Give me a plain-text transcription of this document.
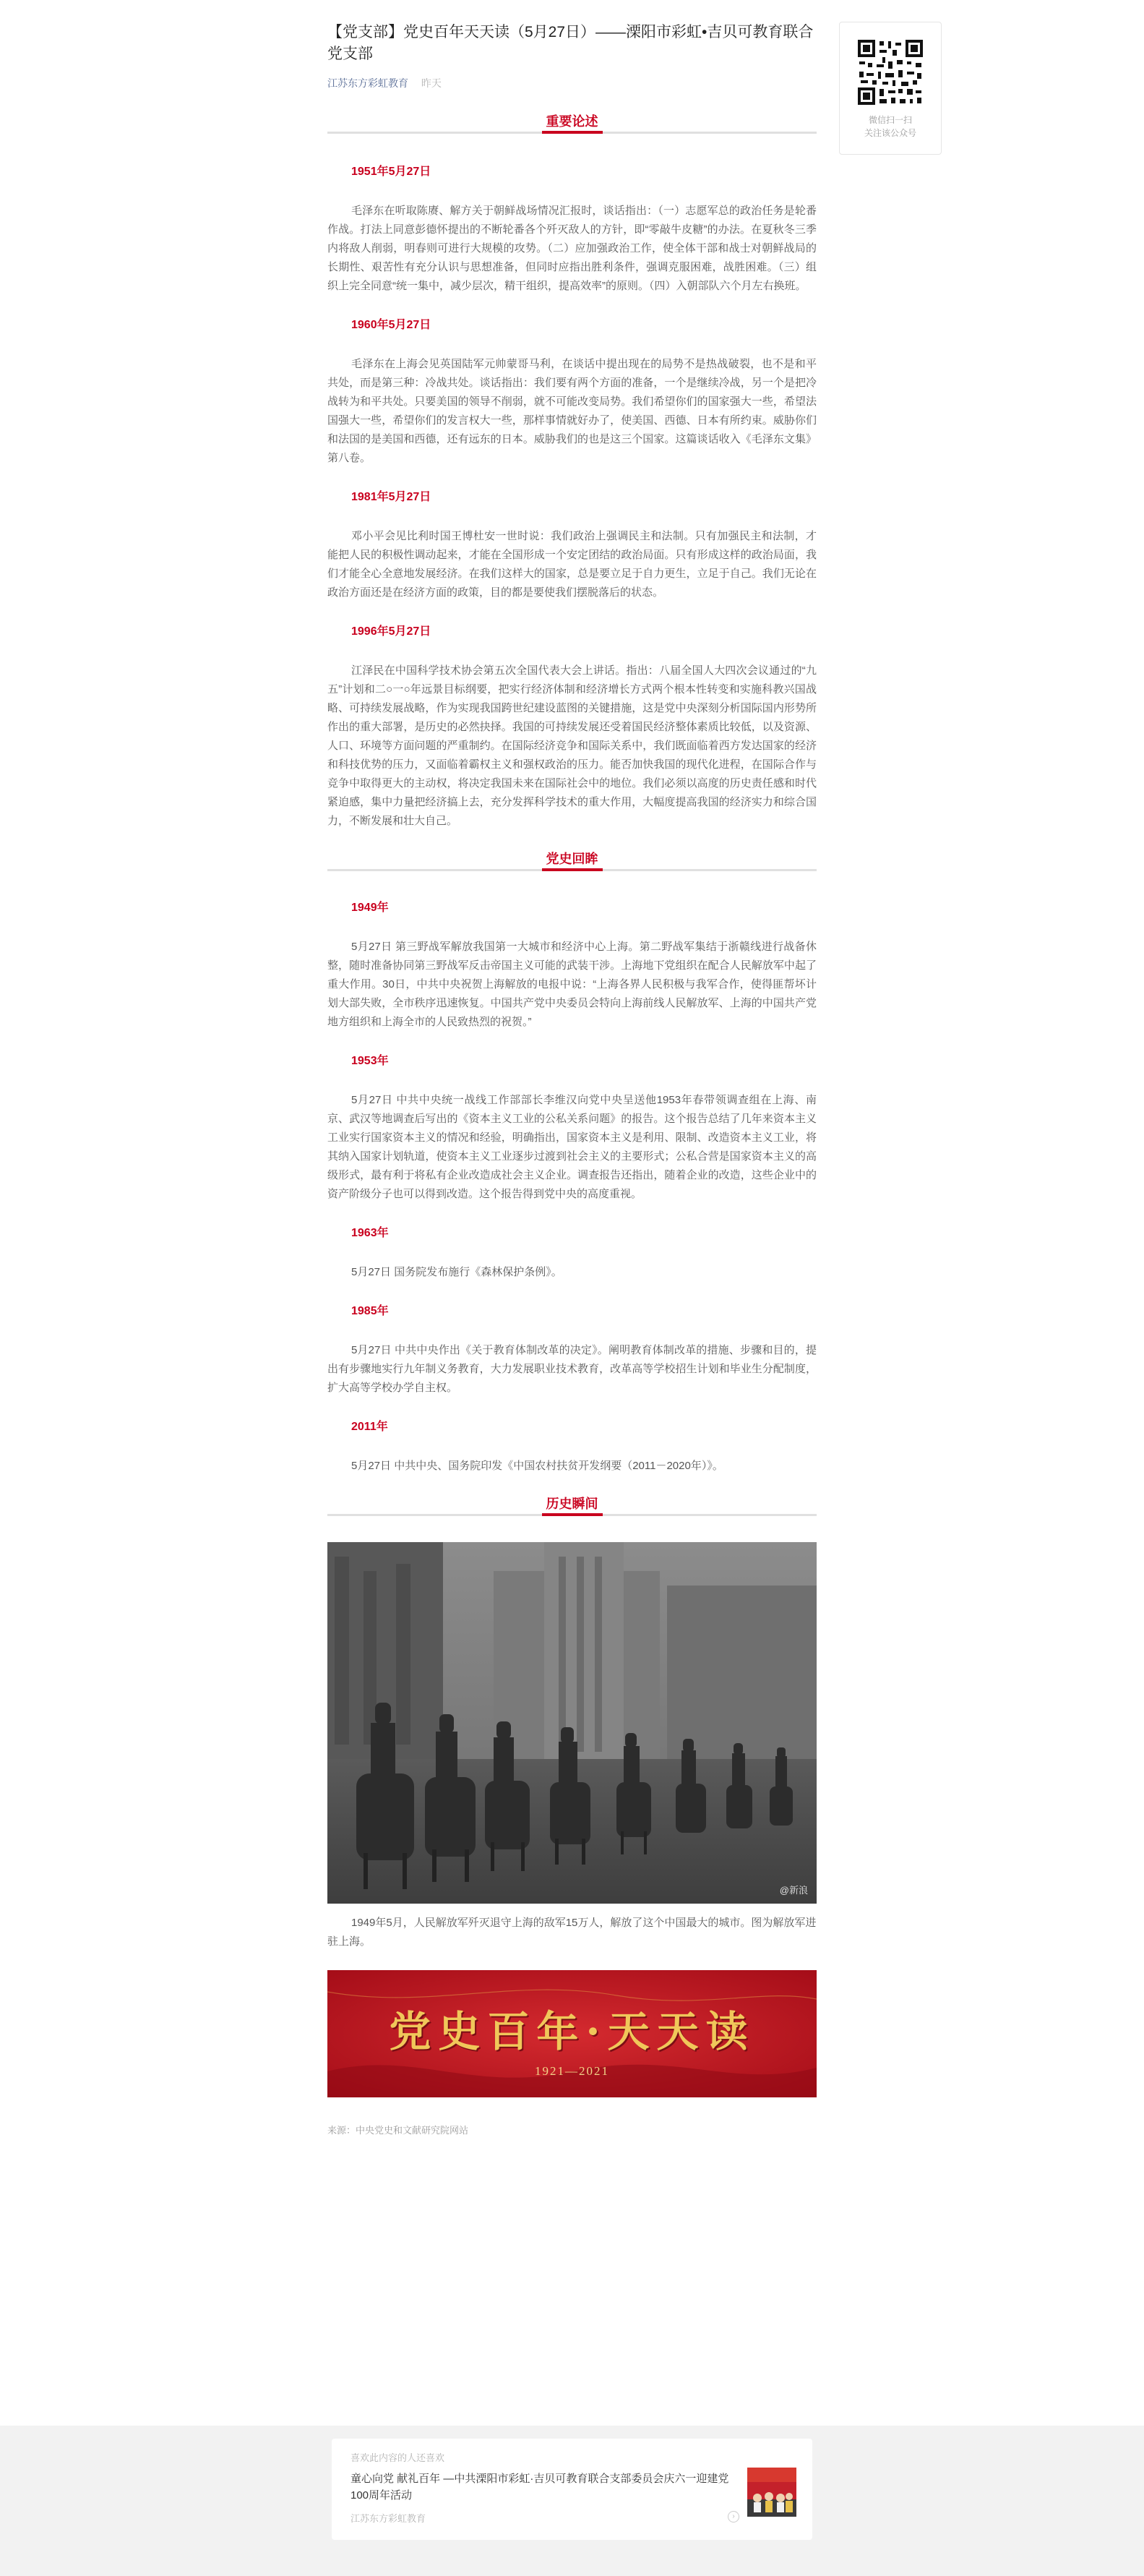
【党支部】党史百年天天读（5月27日）——溧阳市彩虹•吉贝可教育联合党支部
江苏东方彩虹教育 昨天
重要论述

1951年5月27日

毛泽东在听取陈赓、解方关于朝鲜战场情况汇报时，谈话指出：（一）志愿军总的政治任务是轮番作战。打法上同意彭德怀提出的不断轮番各个歼灭敌人的方针，即“零敲牛皮糖”的办法。在夏秋冬三季内将敌人削弱，明春则可进行大规模的攻势。（二）应加强政治工作，使全体干部和战士对朝鲜战局的长期性、艰苦性有充分认识与思想准备，但同时应指出胜利条件，强调克服困难，战胜困难。（三）组织上完全同意“统一集中，减少层次，精干组织，提高效率”的原则。（四）入朝部队六个月左右换班。

1960年5月27日

毛泽东在上海会见英国陆军元帅蒙哥马利，在谈话中提出现在的局势不是热战破裂，也不是和平共处，而是第三种：冷战共处。谈话指出：我们要有两个方面的准备，一个是继续冷战，另一个是把冷战转为和平共处。只要美国的领导不削弱，就不可能改变局势。我们希望你们的国家强大一些，希望法国强大一些，希望你们的发言权大一些，那样事情就好办了，使美国、西德、日本有所约束。威胁你们和法国的是美国和西德，还有远东的日本。威胁我们的也是这三个国家。这篇谈话收入《毛泽东文集》第八卷。

1981年5月27日

邓小平会见比利时国王博杜安一世时说：我们政治上强调民主和法制。只有加强民主和法制，才能把人民的积极性调动起来，才能在全国形成一个安定团结的政治局面。只有形成这样的政治局面，我们才能全心全意地发展经济。在我们这样大的国家，总是要立足于自力更生，立足于自己。我们无论在政治方面还是在经济方面的政策，目的都是要使我们摆脱落后的状态。

1996年5月27日

江泽民在中国科学技术协会第五次全国代表大会上讲话。指出：八届全国人大四次会议通过的“九五”计划和二○一○年远景目标纲要，把实行经济体制和经济增长方式两个根本性转变和实施科教兴国战略、可持续发展战略，作为实现我国跨世纪建设蓝图的关键措施，这是党中央深刻分析国际国内形势所作出的重大部署，是历史的必然抉择。我国的可持续发展还受着国民经济整体素质比较低，以及资源、人口、环境等方面问题的严重制约。在国际经济竞争和国际关系中，我们既面临着西方发达国家的经济和科技优势的压力，又面临着霸权主义和强权政治的压力。能否加快我国的现代化进程，在国际合作与竞争中取得更大的主动权，将决定我国未来在国际社会中的地位。我们必须以高度的历史责任感和时代紧迫感，集中力量把经济搞上去，充分发挥科学技术的重大作用，大幅度提高我国的经济实力和综合国力，不断发展和壮大自己。

党史回眸

1949年

5月27日 第三野战军解放我国第一大城市和经济中心上海。第二野战军集结于浙赣线进行战备休整，随时准备协同第三野战军反击帝国主义可能的武装干涉。上海地下党组织在配合人民解放军中起了重大作用。30日，中共中央祝贺上海解放的电报中说：“上海各界人民积极与我军合作，使得匪帮坏计划大部失败，全市秩序迅速恢复。中国共产党中央委员会特向上海前线人民解放军、上海的中国共产党地方组织和上海全市的人民致热烈的祝贺。”

1953年

5月27日 中共中央统一战线工作部部长李维汉向党中央呈送他1953年春带领调查组在上海、南京、武汉等地调查后写出的《资本主义工业的公私关系问题》的报告。这个报告总结了几年来资本主义工业实行国家资本主义的情况和经验，明确指出，国家资本主义是利用、限制、改造资本主义工业，将其纳入国家计划轨道，使资本主义工业逐步过渡到社会主义的主要形式；公私合营是国家资本主义的高级形式，最有利于将私有企业改造成社会主义企业。调查报告还指出，随着企业的改造，这些企业中的资产阶级分子也可以得到改造。这个报告得到党中央的高度重视。

1963年

5月27日 国务院发布施行《森林保护条例》。

1985年

5月27日 中共中央作出《关于教育体制改革的决定》。阐明教育体制改革的措施、步骤和目的，提出有步骤地实行九年制义务教育，大力发展职业技术教育，改革高等学校招生计划和毕业生分配制度，扩大高等学校办学自主权。

2011年

5月27日 中共中央、国务院印发《中国农村扶贫开发纲要（2011－2020年）》。

历史瞬间
@新浪

1949年5月，人民解放军歼灭退守上海的敌军15万人，解放了这个中国最大的城市。图为解放军进驻上海。

党史百年·天天读
1921—2021

来源：中央党史和文献研究院网站

微信扫一扫
关注该公众号
喜欢此内容的人还喜欢
童心向党 献礼百年 —中共溧阳市彩虹·吉贝可教育联合支部委员会庆六一迎建党100周年活动
江苏东方彩虹教育	›
